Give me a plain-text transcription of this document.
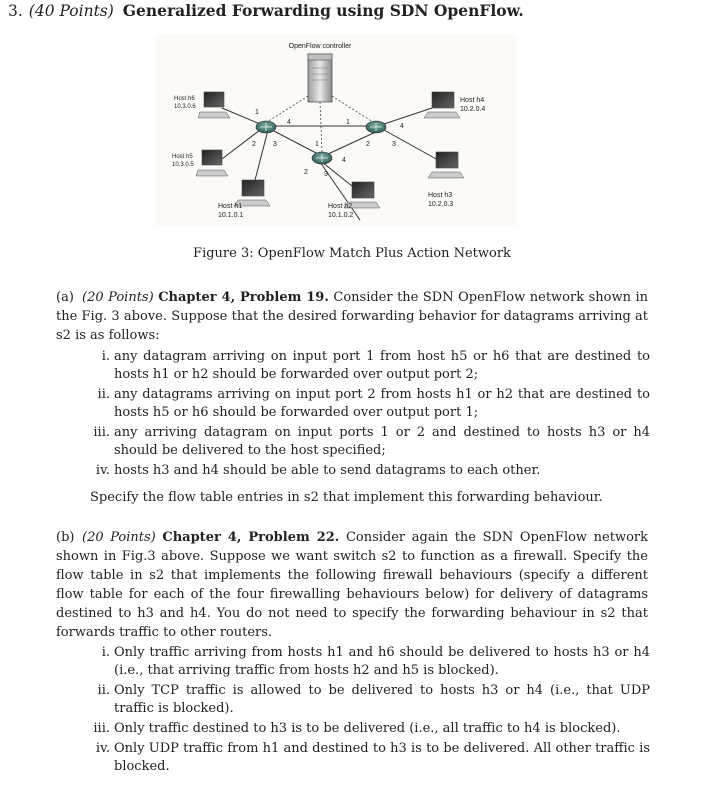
3. (40 Points) Generalized Forwarding using SDN OpenFlow.
OpenFlow controller
1
2 3
4	1
2	3
4
1
2 3
4
Host h6
10.3.0.6
Host h5
10.3.0.5
Host h1
10.1.0.1
Host h2
10.1.0.2
Host h3
10.2.0.3
Host h4
10.2.0.4
Figure 3: OpenFlow Match Plus Action Network
(a) (20 Points) Chapter 4, Problem 19. Consider the SDN OpenFlow network shown in the Fig. 3 above. Suppose that the desired forwarding behavior for datagrams arriving at s2 is as follows:
i. any datagram arriving on input port 1 from host h5 or h6 that are destined to hosts h1 or h2 should be forwarded over output port 2;
ii. any datagrams arriving on input port 2 from hosts h1 or h2 that are destined to hosts h5 or h6 should be forwarded over output port 1;
iii. any arriving datagram on input ports 1 or 2 and destined to hosts h3 or h4 should be delivered to the host specified;
iv. hosts h3 and h4 should be able to send datagrams to each other.
Specify the flow table entries in s2 that implement this forwarding behaviour.
(b) (20 Points) Chapter 4, Problem 22. Consider again the SDN OpenFlow network shown in Fig.3 above. Suppose we want switch s2 to function as a firewall. Specify the flow table in s2 that implements the following firewall behaviours (specify a different flow table for each of the four firewalling behaviours below) for delivery of datagrams destined to h3 and h4. You do not need to specify the forwarding behaviour in s2 that forwards traffic to other routers.
i. Only traffic arriving from hosts h1 and h6 should be delivered to hosts h3 or h4 (i.e., that arriving traffic from hosts h2 and h5 is blocked).
ii. Only TCP traffic is allowed to be delivered to hosts h3 or h4 (i.e., that UDP traffic is blocked).
iii. Only traffic destined to h3 is to be delivered (i.e., all traffic to h4 is blocked).
iv. Only UDP traffic from h1 and destined to h3 is to be delivered. All other traffic is blocked.
